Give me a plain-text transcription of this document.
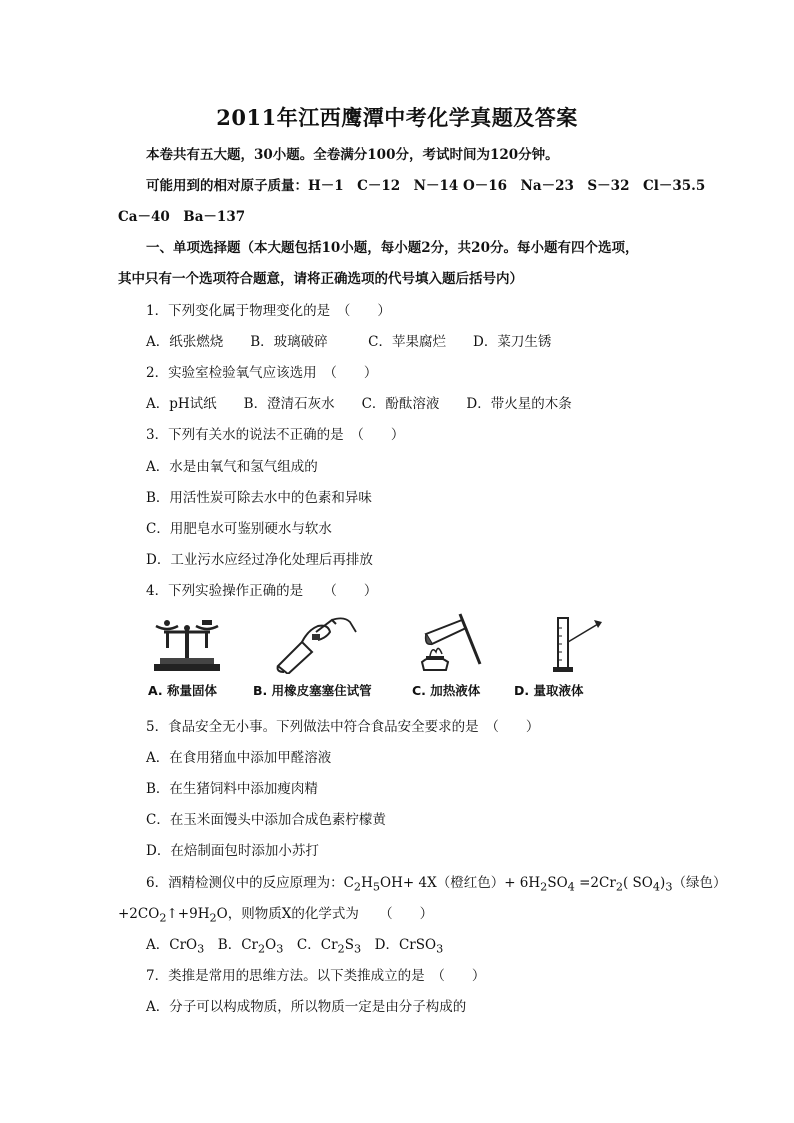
2011年江西鹰潭中考化学真题及答案
本卷共有五大题，30小题。全卷满分100分，考试时间为120分钟。
可能用到的相对原子质量：H－1　C－12　N－14 O－16　Na－23　S－32　Cl－35.5
Ca－40　Ba－137
一、单项选择题（本大题包括10小题，每小题2分，共20分。每小题有四个选项，
其中只有一个选项符合题意，请将正确选项的代号填入题后括号内）
1．下列变化属于物理变化的是　（　　）
A．纸张燃烧　　B．玻璃破碎　　　C．苹果腐烂　　D．菜刀生锈
2．实验室检验氧气应该选用　（　　）
A．pH试纸　　B．澄清石灰水　　C．酚酞溶液　　D．带火星的木条
3．下列有关水的说法不正确的是　（　　）
A．水是由氧气和氢气组成的
B．用活性炭可除去水中的色素和异味
C．用肥皂水可鉴别硬水与软水
D．工业污水应经过净化处理后再排放
4．下列实验操作正确的是　　（　　）
A. 称量固体	B. 用橡皮塞塞住试管	C. 加热液体	D. 量取液体
5．食品安全无小事。下列做法中符合食品安全要求的是　（　　）
A．在食用猪血中添加甲醛溶液
B．在生猪饲料中添加瘦肉精
C．在玉米面馒头中添加合成色素柠檬黄
D．在焙制面包时添加小苏打
6．酒精检测仪中的反应原理为：$C_2H_5OH+ 4X$（橙红色）+ $6H_2SO_4 =2Cr_2$( $SO_4)_3$（绿色）
$+2CO_2↑+9H_2O$，则物质X的化学式为　　（　　）
A．CrO$_3$　B．$Cr_2O_3$　C．$Cr_2S_3$　D．CrSO$_3$
7．类推是常用的思维方法。以下类推成立的是　（　　）
A．分子可以构成物质，所以物质一定是由分子构成的
